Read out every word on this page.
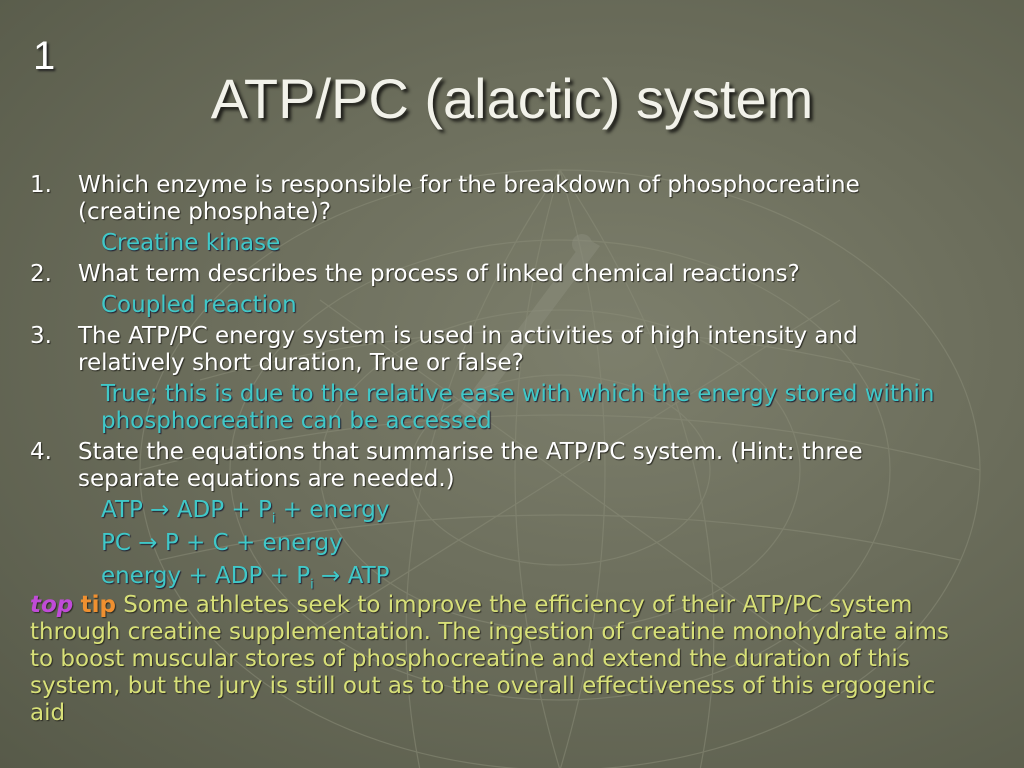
1
ATP/PC (alactic) system
1.	Which enzyme is responsible for the breakdown of phosphocreatine (creatine phosphate)?
Creatine kinase
2.	What term describes the process of linked chemical reactions?
Coupled reaction
3.	The ATP/PC energy system is used in activities of high intensity and relatively short duration, True or false?
True; this is due to the relative ease with which the energy stored within phosphocreatine can be accessed
4.	State the equations that summarise the ATP/PC system. (Hint: three separate equations are needed.)
ATP → ADP + $P_i$ + energy
PC → P + C + energy
energy + ADP + $P_i$ → ATP
top tip Some athletes seek to improve the efficiency of their ATP/PC system through creatine supplementation. The ingestion of creatine monohydrate aims to boost muscular stores of phosphocreatine and extend the duration of this system, but the jury is still out as to the overall effectiveness of this ergogenic aid
